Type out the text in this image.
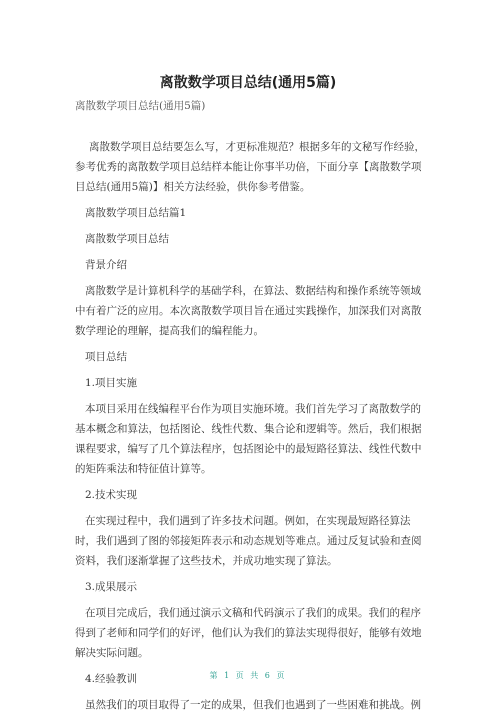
离散数学项目总结(通用5篇)
离散数学项目总结(通用5篇)

离散数学项目总结要怎么写，才更标准规范？根据多年的文秘写作经验，参考优秀的离散数学项目总结样本能让你事半功倍，下面分享【离散数学项目总结(通用5篇)】相关方法经验，供你参考借鉴。

离散数学项目总结篇1

离散数学项目总结

背景介绍

离散数学是计算机科学的基础学科，在算法、数据结构和操作系统等领域中有着广泛的应用。本次离散数学项目旨在通过实践操作，加深我们对离散数学理论的理解，提高我们的编程能力。

项目总结

1.项目实施

本项目采用在线编程平台作为项目实施环境。我们首先学习了离散数学的基本概念和算法，包括图论、线性代数、集合论和逻辑等。然后，我们根据课程要求，编写了几个算法程序，包括图论中的最短路径算法、线性代数中的矩阵乘法和特征值计算等。

2.技术实现

在实现过程中，我们遇到了许多技术问题。例如，在实现最短路径算法时，我们遇到了图的邻接矩阵表示和动态规划等难点。通过反复试验和查阅资料，我们逐渐掌握了这些技术，并成功地实现了算法。

3.成果展示

在项目完成后，我们通过演示文稿和代码演示了我们的成果。我们的程序得到了老师和同学们的好评，他们认为我们的算法实现得很好，能够有效地解决实际问题。

4.经验教训

虽然我们的项目取得了一定的成果，但我们也遇到了一些困难和挑战。例

第 1 页 共 6 页
